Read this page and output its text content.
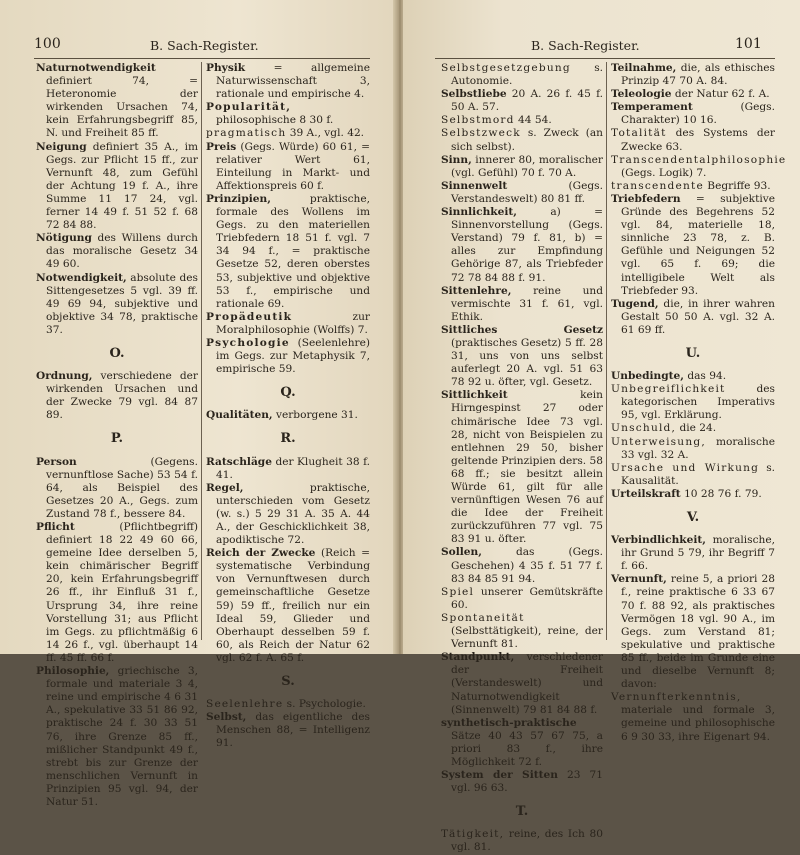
100	B. Sach-Register.

Naturnotwendigkeit definiert 74, = Heteronomie der wirkenden Ursachen 74, kein Erfahrungsbegriff 85, N. und Freiheit 85 ff.

Neigung definiert 35 A., im Gegs. zur Pflicht 15 ff., zur Vernunft 48, zum Gefühl der Achtung 19 f. A., ihre Summe 11 17 24, vgl. ferner 14 49 f. 51 52 f. 68 72 84 88.

Nötigung des Willens durch das moralische Gesetz 34 49 60.

Notwendigkeit, absolute des Sittengesetzes 5 vgl. 39 ff. 49 69 94, subjektive und objektive 34 78, praktische 37.

O.

Ordnung, verschiedene der wirkenden Ursachen und der Zwecke 79 vgl. 84 87 89.

P.

Person (Gegens. vernunftlose Sache) 53 54 f. 64, als Beispiel des Gesetzes 20 A., Gegs. zum Zustand 78 f., bessere 84.

Pflicht (Pflichtbegriff) definiert 18 22 49 60 66, gemeine Idee derselben 5, kein chimärischer Begriff 20, kein Erfahrungsbegriff 26 ff., ihr Einfluß 31 f., Ursprung 34, ihre reine Vorstellung 31; aus Pflicht im Gegs. zu pflichtmäßig 6 14 26 f., vgl. überhaupt 14 ff. 45 ff. 66 f.

Philosophie, griechische 3, formale und materiale 3 4, reine und empirische 4 6 31 A., spekulative 33 51 86 92, praktische 24 f. 30 33 51 76, ihre Grenze 85 ff., mißlicher Standpunkt 49 f., strebt bis zur Grenze der menschlichen Vernunft in Prinzipien 95 vgl. 94, der Natur 51.

Physik = allgemeine Naturwissenschaft 3, rationale und empirische 4.

Popularität, philosophische 8 30 f.

pragmatisch 39 A., vgl. 42.

Preis (Gegs. Würde) 60 61, = relativer Wert 61, Einteilung in Markt- und Affektionspreis 60 f.

Prinzipien, praktische, formale des Wollens im Gegs. zu den materiellen Triebfedern 18 51 f. vgl. 7 34 94 f., = praktische Gesetze 52, deren oberstes 53, subjektive und objektive 53 f., empirische und rationale 69.

Propädeutik zur Moralphilosophie (Wolffs) 7.

Psychologie (Seelenlehre) im Gegs. zur Metaphysik 7, empirische 59.

Q.

Qualitäten, verborgene 31.

R.

Ratschläge der Klugheit 38 f. 41.

Regel, praktische, unterschieden vom Gesetz (w. s.) 5 29 31 A. 35 A. 44 A., der Geschicklichkeit 38, apodiktische 72.

Reich der Zwecke (Reich = systematische Verbindung von Vernunftwesen durch gemeinschaftliche Gesetze 59) 59 ff., freilich nur ein Ideal 59, Glieder und Oberhaupt desselben 59 f. 60, als Reich der Natur 62 vgl. 62 f. A. 65 f.

S.

Seelenlehre s. Psychologie.

Selbst, das eigentliche des Menschen 88, = Intelligenz 91.

B. Sach-Register.	101

Selbstgesetzgebung s. Autonomie.

Selbstliebe 20 A. 26 f. 45 f. 50 A. 57.

Selbstmord 44 54.

Selbstzweck s. Zweck (an sich selbst).

Sinn, innerer 80, moralischer (vgl. Gefühl) 70 f. 70 A.

Sinnenwelt (Gegs. Verstandeswelt) 80 81 ff.

Sinnlichkeit, a) = Sinnenvorstellung (Gegs. Verstand) 79 f. 81, b) = alles zur Empfindung Gehörige 87, als Triebfeder 72 78 84 88 f. 91.

Sittenlehre, reine und vermischte 31 f. 61, vgl. Ethik.

Sittliches Gesetz (praktisches Gesetz) 5 ff. 28 31, uns von uns selbst auferlegt 20 A. vgl. 51 63 78 92 u. öfter, vgl. Gesetz.

Sittlichkeit kein Hirngespinst 27 oder chimärische Idee 73 vgl. 28, nicht von Beispielen zu entlehnen 29 50, bisher geltende Prinzipien ders. 58 68 ff.; sie besitzt allein Würde 61, gilt für alle vernünftigen Wesen 76 auf die Idee der Freiheit zurückzuführen 77 vgl. 75 83 91 u. öfter.

Sollen, das (Gegs. Geschehen) 4 35 f. 51 77 f. 83 84 85 91 94.

Spiel unserer Gemütskräfte 60.

Spontaneität (Selbsttätigkeit), reine, der Vernunft 81.

Standpunkt, verschiedener der Freiheit (Verstandeswelt) und Naturnotwendigkeit (Sinnenwelt) 79 81 84 88 f.

synthetisch-praktische Sätze 40 43 57 67 75, a priori 83 f., ihre Möglichkeit 72 f.

System der Sitten 23 71 vgl. 96 63.

T.

Tätigkeit, reine, des Ich 80 vgl. 81.

Teilnahme, die, als ethisches Prinzip 47 70 A. 84.

Teleologie der Natur 62 f. A.

Temperament (Gegs. Charakter) 10 16.

Totalität des Systems der Zwecke 63.

Transcendentalphilosophie (Gegs. Logik) 7.

transcendente Begriffe 93.

Triebfedern = subjektive Gründe des Begehrens 52 vgl. 84, materielle 18, sinnliche 23 78, z. B. Gefühle und Neigungen 52 vgl. 65 f. 69; die intelligibele Welt als Triebfeder 93.

Tugend, die, in ihrer wahren Gestalt 50 50 A. vgl. 32 A. 61 69 ff.

U.

Unbedingte, das 94.

Unbegreiflichkeit des kategorischen Imperativs 95, vgl. Erklärung.

Unschuld, die 24.

Unterweisung, moralische 33 vgl. 32 A.

Ursache und Wirkung s. Kausalität.

Urteilskraft 10 28 76 f. 79.

V.

Verbindlichkeit, moralische, ihr Grund 5 79, ihr Begriff 7 f. 66.

Vernunft, reine 5, a priori 28 f., reine praktische 6 33 67 70 f. 88 92, als praktisches Vermögen 18 vgl. 90 A., im Gegs. zum Verstand 81; spekulative und praktische 85 ff., beide im Grunde eine und dieselbe Vernunft 8; davon:

Vernunfterkenntnis, materiale und formale 3, gemeine und philosophische 6 9 30 33, ihre Eigenart 94.
